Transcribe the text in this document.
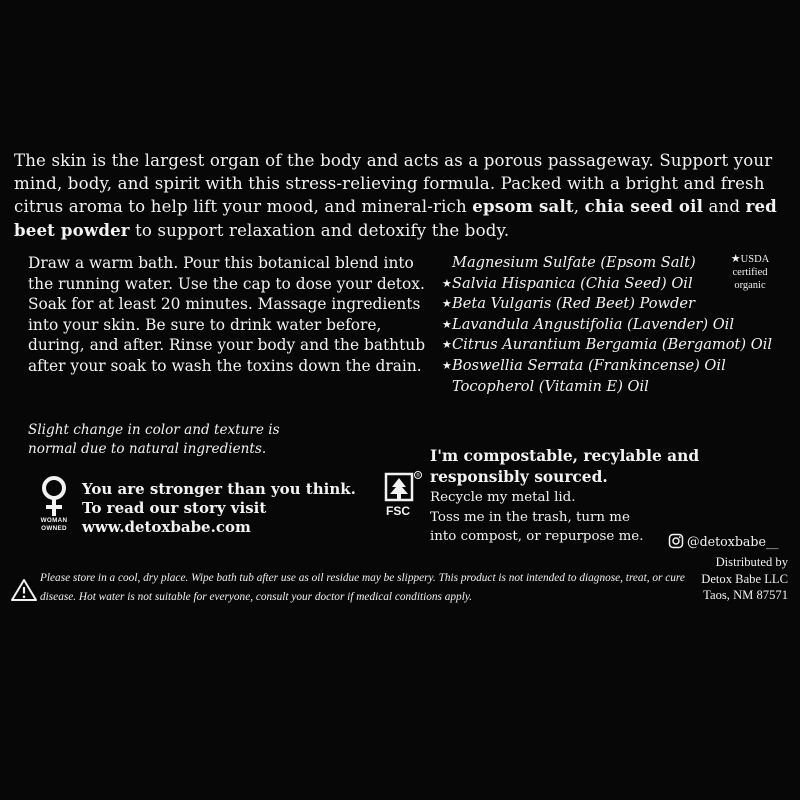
The skin is the largest organ of the body and acts as a porous passageway. Support your mind, body, and spirit with this stress-relieving formula. Packed with a bright and fresh citrus aroma to help lift your mood, and mineral-rich epsom salt, chia seed oil and red beet powder to support relaxation and detoxify the body.
Draw a warm bath. Pour this botanical blend into the running water. Use the cap to dose your detox. Soak for at least 20 minutes. Massage ingredients into your skin. Be sure to drink water before, during, and after. Rinse your body and the bathtub after your soak to wash the toxins down the drain.
Magnesium Sulfate (Epsom Salt)
★ Salvia Hispanica (Chia Seed) Oil
★ Beta Vulgaris (Red Beet) Powder
★ Lavandula Angustifolia (Lavender) Oil
★ Citrus Aurantium Bergamia (Bergamot) Oil
★ Boswellia Serrata (Frankincense) Oil
Tocopherol (Vitamin E) Oil
★USDA
certified
organic
Slight change in color and texture is normal due to natural ingredients.
WOMAN
OWNED
You are stronger than you think.
To read our story visit
www.detoxbabe.com
®
FSC
I'm compostable, recylable and responsibly sourced.
Recycle my metal lid.
Toss me in the trash, turn me
into compost, or repurpose me.	@detoxbabe__
Please store in a cool, dry place. Wipe bath tub after use as oil residue may be slippery. This product is not intended to diagnose, treat, or cure disease. Hot water is not suitable for everyone, consult your doctor if medical conditions apply.
Distributed by
Detox Babe LLC
Taos, NM 87571
